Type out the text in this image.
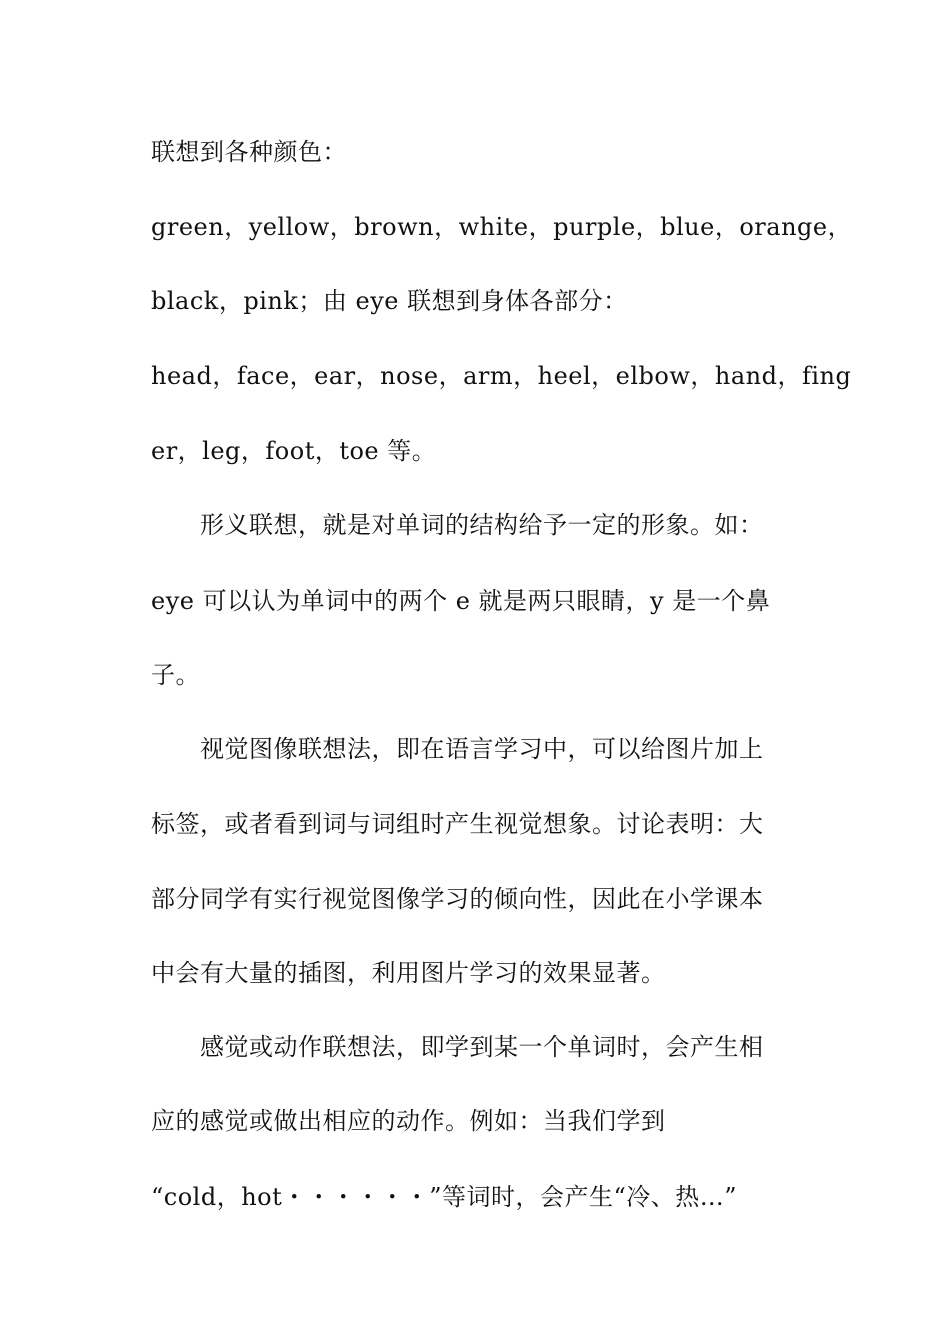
联想到各种颜色：
green，yellow，brown，white，purple，blue，orange，
black，pink；由 eye 联想到身体各部分：
head，face，ear，nose，arm，heel，elbow，hand，fing
er，leg，foot，toe 等。
形义联想，就是对单词的结构给予一定的形象。如：
eye 可以认为单词中的两个 e 就是两只眼睛，y 是一个鼻
子。
视觉图像联想法，即在语言学习中，可以给图片加上
标签，或者看到词与词组时产生视觉想象。讨论表明：大
部分同学有实行视觉图像学习的倾向性，因此在小学课本
中会有大量的插图，利用图片学习的效果显著。
感觉或动作联想法，即学到某一个单词时，会产生相
应的感觉或做出相应的动作。例如：当我们学到
“cold，hot・・・・・・”等词时，会产生“冷、热…”
